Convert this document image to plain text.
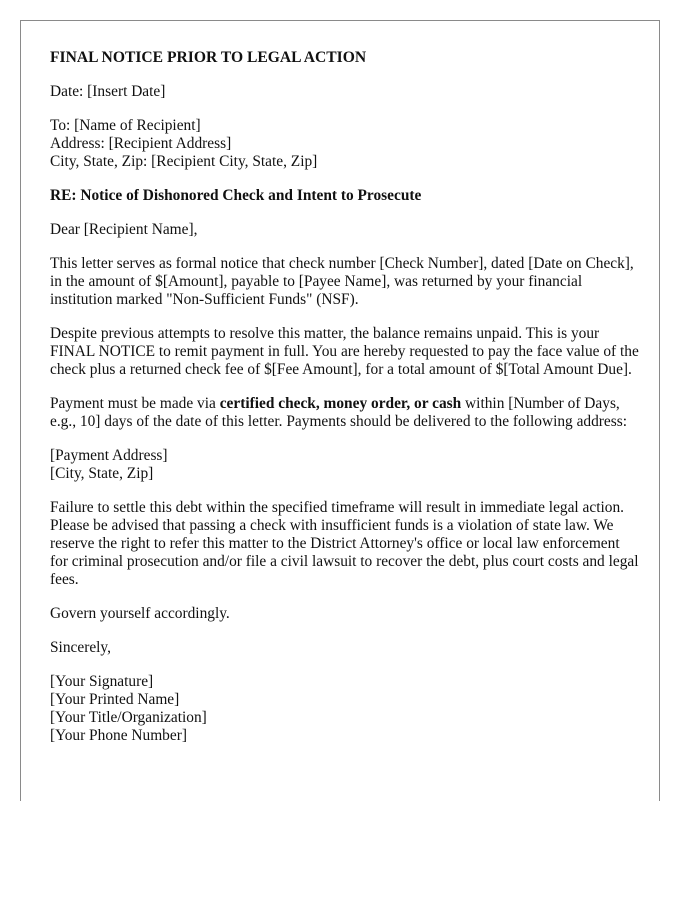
FINAL NOTICE PRIOR TO LEGAL ACTION

Date: [Insert Date]

To: [Name of Recipient]
Address: [Recipient Address]
City, State, Zip: [Recipient City, State, Zip]

RE: Notice of Dishonored Check and Intent to Prosecute

Dear [Recipient Name],

This letter serves as formal notice that check number [Check Number], dated [Date on Check], in the amount of $[Amount], payable to [Payee Name], was returned by your financial institution marked "Non-Sufficient Funds" (NSF).

Despite previous attempts to resolve this matter, the balance remains unpaid. This is your FINAL NOTICE to remit payment in full. You are hereby requested to pay the face value of the check plus a returned check fee of $[Fee Amount], for a total amount of $[Total Amount Due].

Payment must be made via certified check, money order, or cash within [Number of Days, e.g., 10] days of the date of this letter. Payments should be delivered to the following address:

[Payment Address]
[City, State, Zip]

Failure to settle this debt within the specified timeframe will result in immediate legal action. Please be advised that passing a check with insufficient funds is a violation of state law. We reserve the right to refer this matter to the District Attorney's office or local law enforcement for criminal prosecution and/or file a civil lawsuit to recover the debt, plus court costs and legal fees.

Govern yourself accordingly.

Sincerely,

[Your Signature]
[Your Printed Name]
[Your Title/Organization]
[Your Phone Number]
